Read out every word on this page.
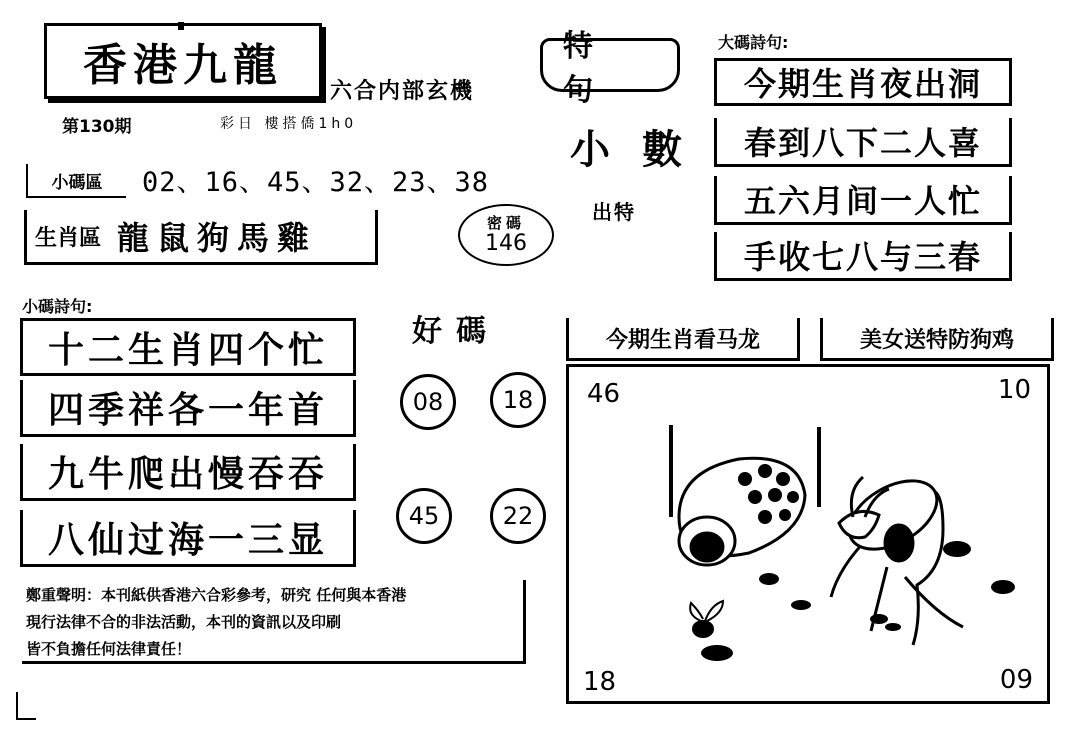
香港九龍
六合内部玄機
第130期	彩日 樓搭僑1h0
特句
小數
出特
大碼詩句:
今期生肖夜出洞
春到八下二人喜
五六月间一人忙
手收七八与三春
小碼區	02、16、45、32、23、38
生肖區 龍鼠狗馬雞	密碼
146
小碼詩句:
十二生肖四个忙
四季祥各一年首
九牛爬出慢吞吞
八仙过海一三显
好碼
08	18
45	22
今期生肖看马龙	美女送特防狗鸡
46	10
18	09
鄭重聲明：本刊紙供香港六合彩參考，研究 任何與本香港
現行法律不合的非法活動，本刊的資訊以及印刷
皆不負擔任何法律責任！
